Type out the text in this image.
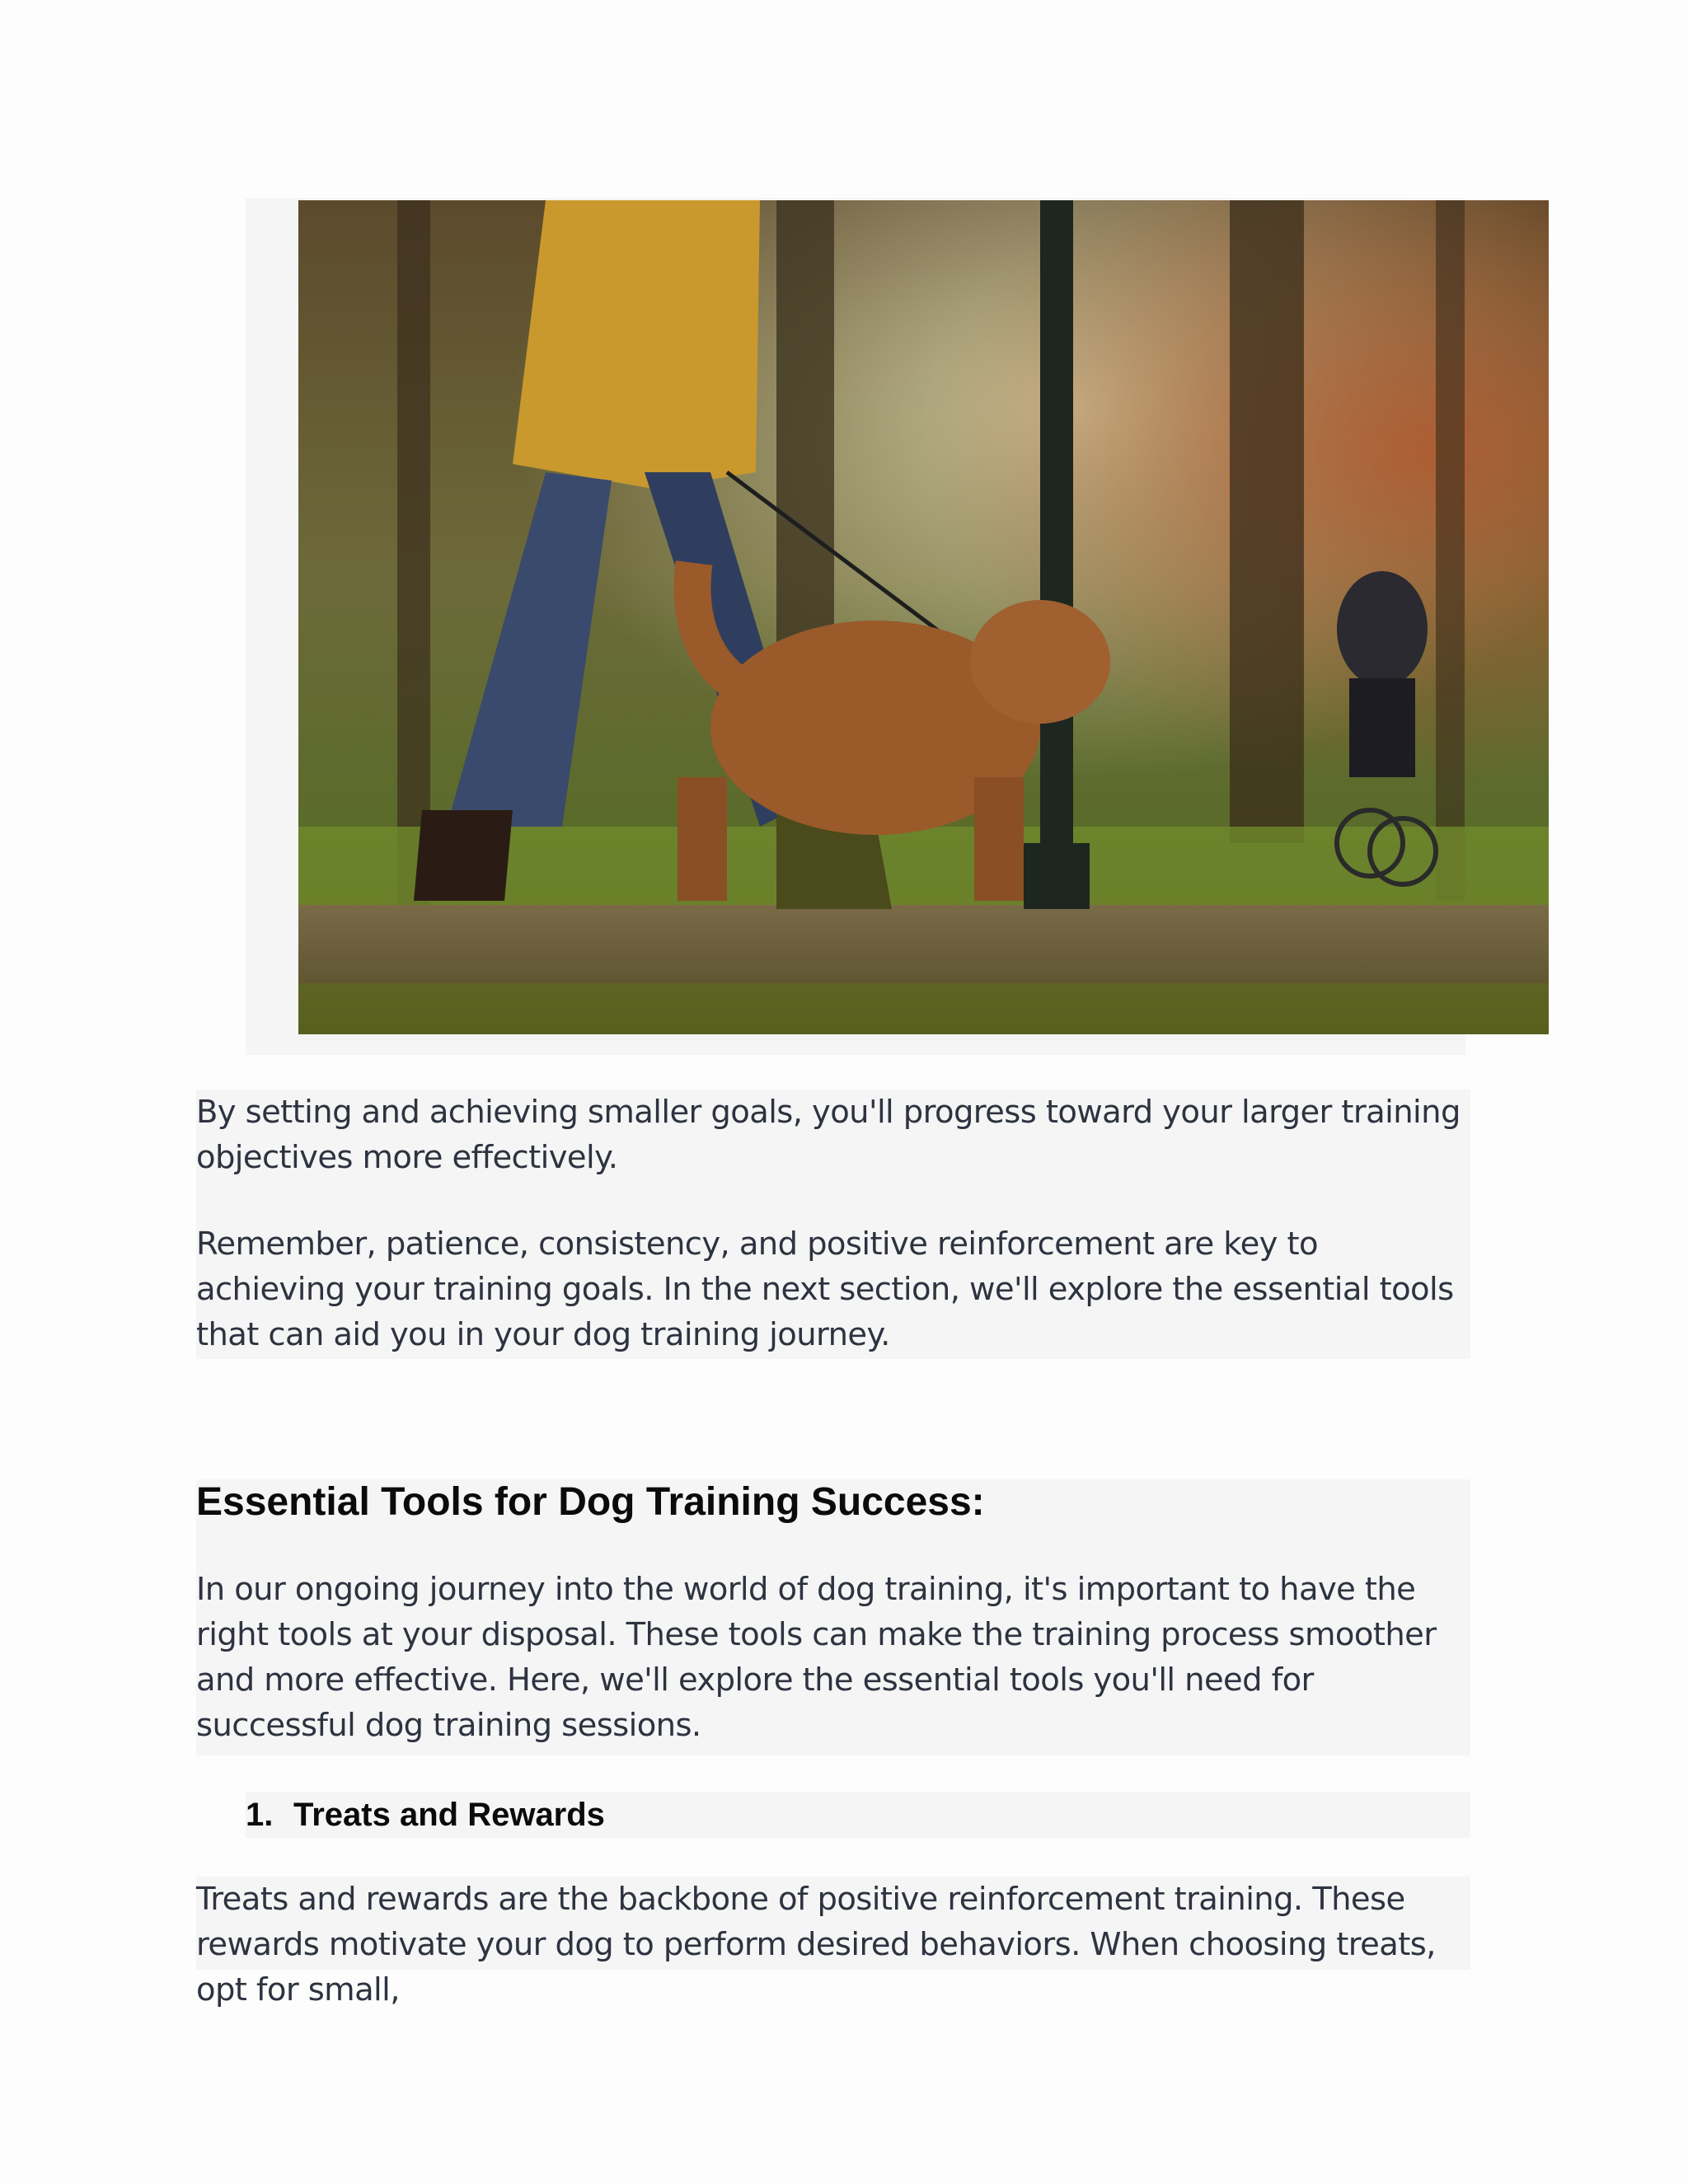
By setting and achieving smaller goals, you'll progress toward your larger training objectives more effectively.

Remember, patience, consistency, and positive reinforcement are key to achieving your training goals. In the next section, we'll explore the essential tools that can aid you in your dog training journey.

Essential Tools for Dog Training Success:

In our ongoing journey into the world of dog training, it's important to have the right tools at your disposal. These tools can make the training process smoother and more effective. Here, we'll explore the essential tools you'll need for successful dog training sessions.

1. Treats and Rewards

Treats and rewards are the backbone of positive reinforcement training. These rewards motivate your dog to perform desired behaviors. When choosing treats, opt for small,
